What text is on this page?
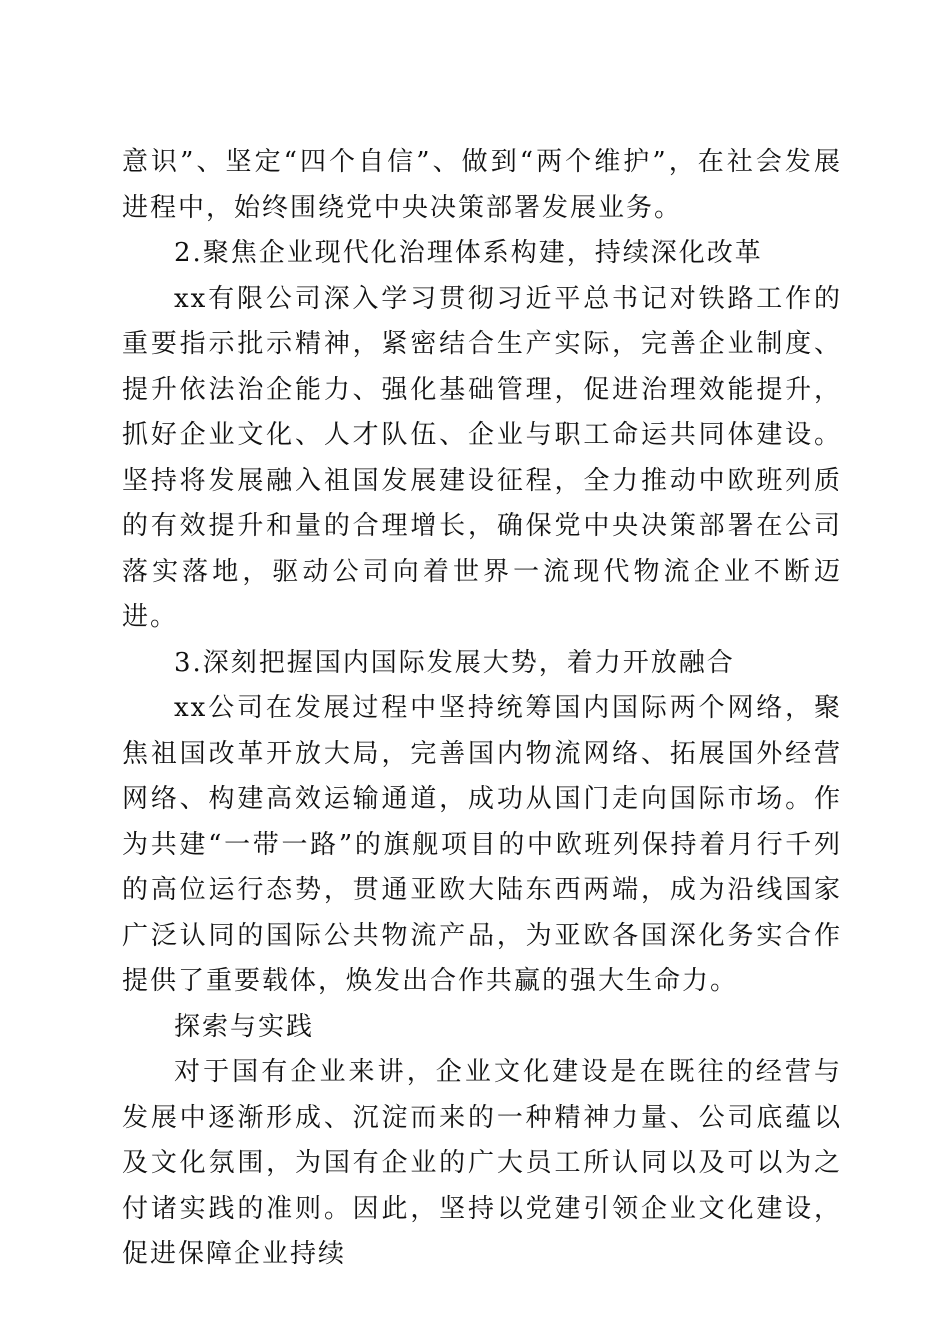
意识”、坚定“四个自信”、做到“两个维护”，在社会发展进程中，始终围绕党中央决策部署发展业务。

2.聚焦企业现代化治理体系构建，持续深化改革

xx有限公司深入学习贯彻习近平总书记对铁路工作的重要指示批示精神，紧密结合生产实际，完善企业制度、提升依法治企能力、强化基础管理，促进治理效能提升，抓好企业文化、人才队伍、企业与职工命运共同体建设。坚持将发展融入祖国发展建设征程，全力推动中欧班列质的有效提升和量的合理增长，确保党中央决策部署在公司落实落地，驱动公司向着世界一流现代物流企业不断迈进。

3.深刻把握国内国际发展大势，着力开放融合

xx公司在发展过程中坚持统筹国内国际两个网络，聚焦祖国改革开放大局，完善国内物流网络、拓展国外经营网络、构建高效运输通道，成功从国门走向国际市场。作为共建“一带一路”的旗舰项目的中欧班列保持着月行千列的高位运行态势，贯通亚欧大陆东西两端，成为沿线国家广泛认同的国际公共物流产品，为亚欧各国深化务实合作提供了重要载体，焕发出合作共赢的强大生命力。

探索与实践

对于国有企业来讲，企业文化建设是在既往的经营与发展中逐渐形成、沉淀而来的一种精神力量、公司底蕴以及文化氛围，为国有企业的广大员工所认同以及可以为之付诸实践的准则。因此，坚持以党建引领企业文化建设，促进保障企业持续
